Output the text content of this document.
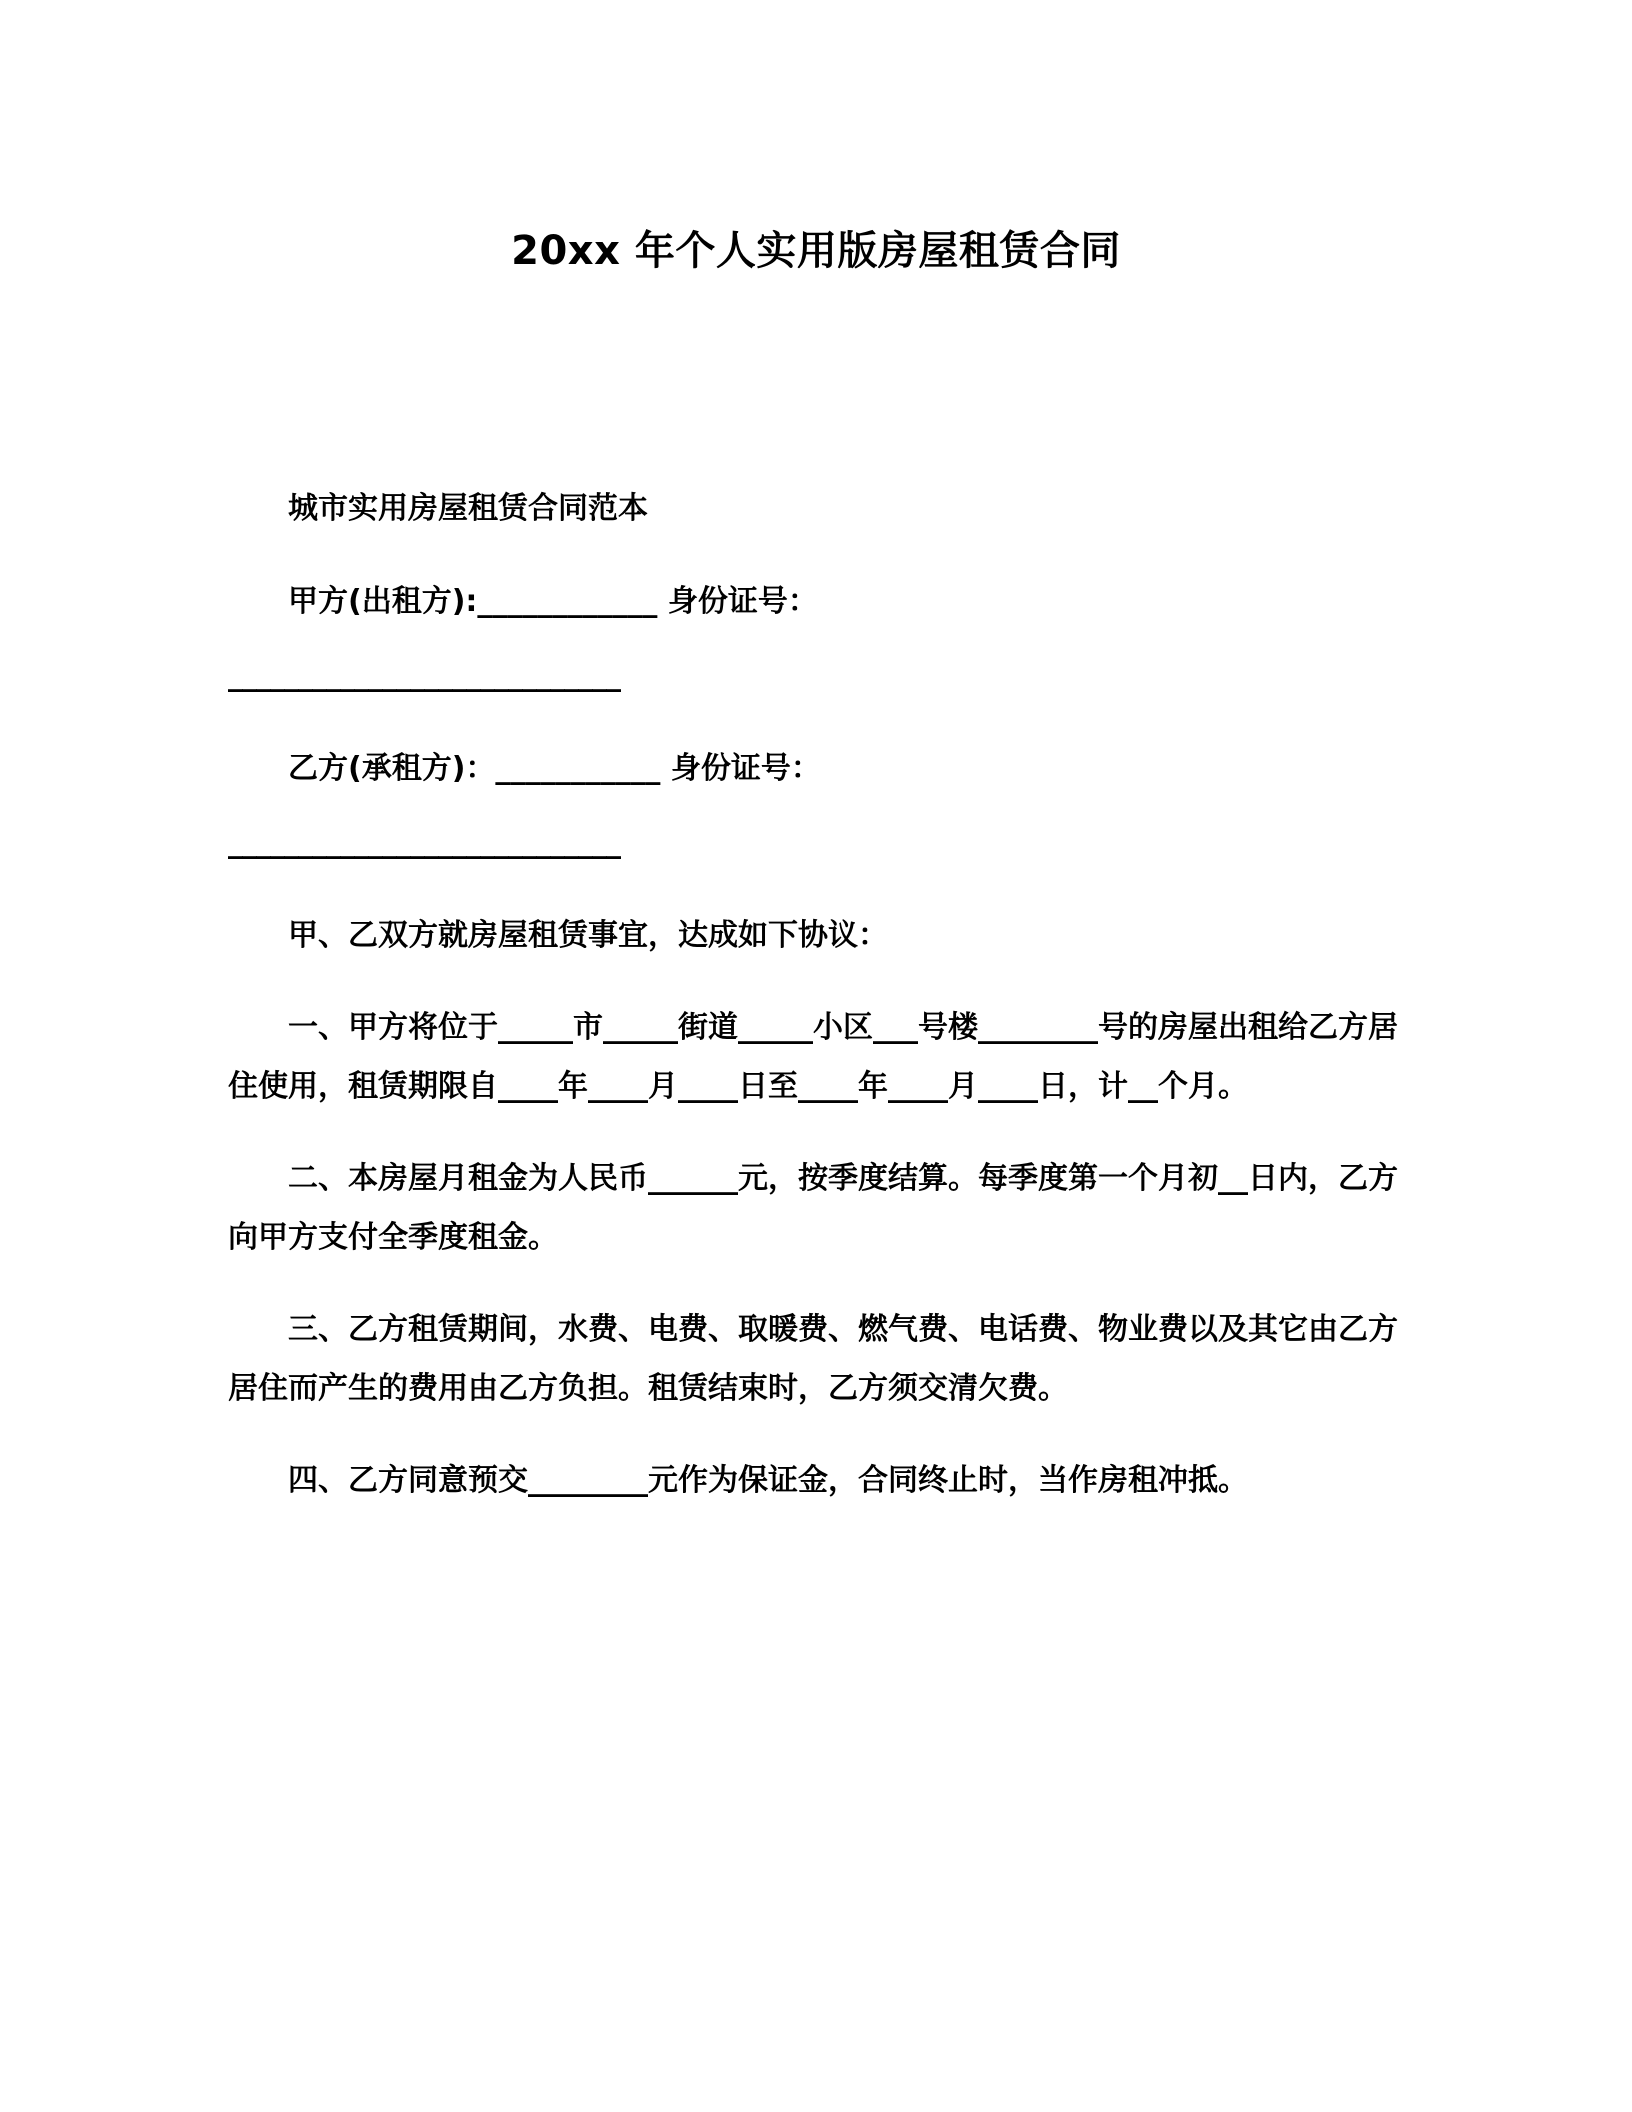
20xx 年个人实用版房屋租赁合同

城市实用房屋租赁合同范本

甲方(出租方):____________ 身份证号：

____________________________

乙方(承租方)：___________ 身份证号：

____________________________

甲、乙双方就房屋租赁事宜，达成如下协议：

一、甲方将位于_____市_____街道_____小区___号楼________号的房屋出租给乙方居住使用，租赁期限自____年____月____日至____年____月____日，计__个月。

二、本房屋月租金为人民币______元，按季度结算。每季度第一个月初__日内，乙方向甲方支付全季度租金。

三、乙方租赁期间，水费、电费、取暖费、燃气费、电话费、物业费以及其它由乙方居住而产生的费用由乙方负担。租赁结束时，乙方须交清欠费。

四、乙方同意预交________元作为保证金，合同终止时，当作房租冲抵。
